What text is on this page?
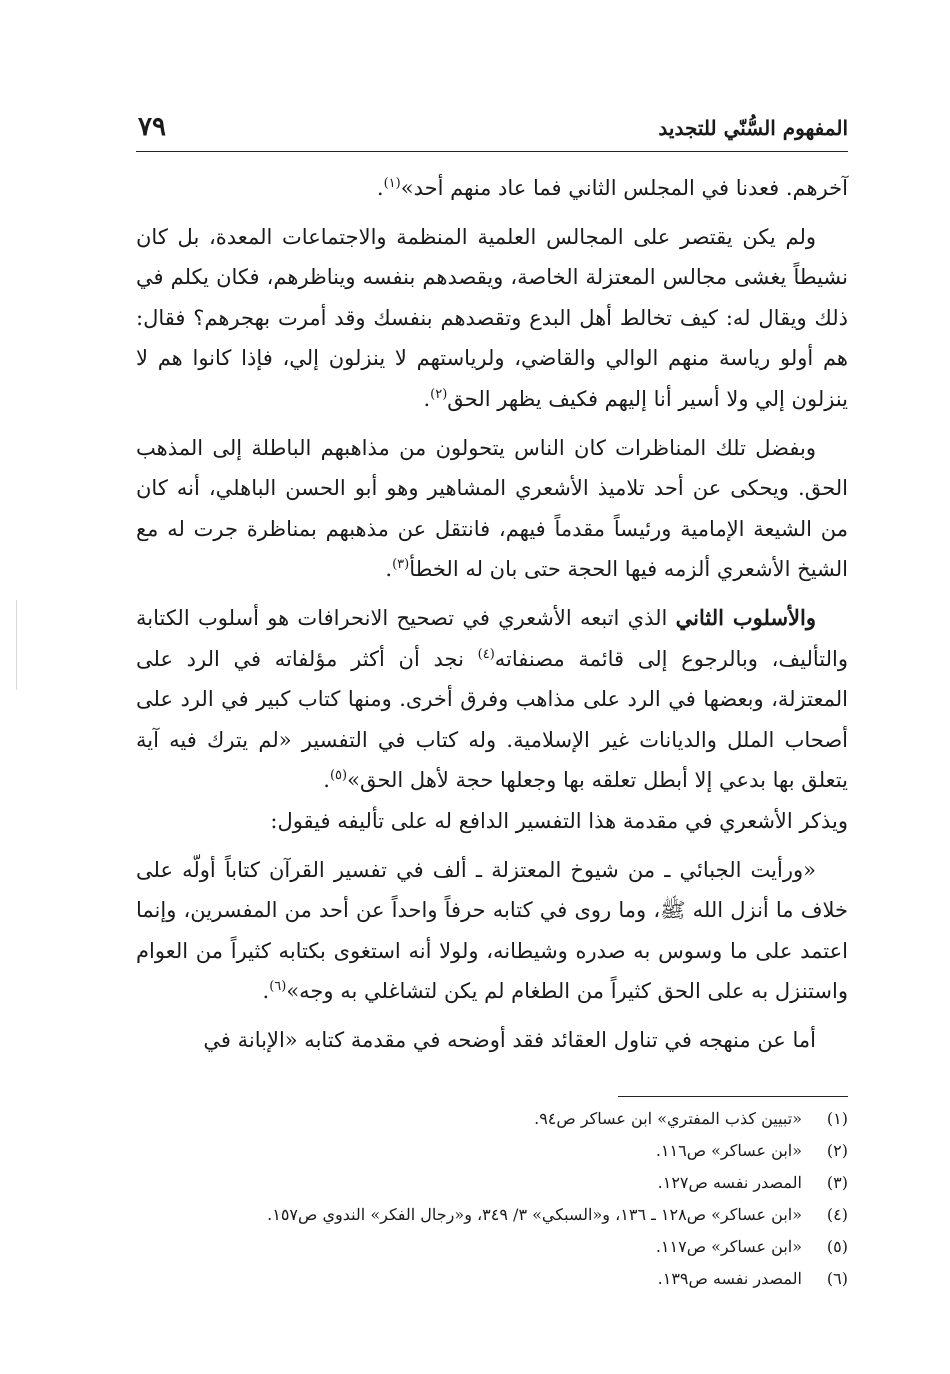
المفهوم السُّنّي للتجديد
٧٩

آخرهم. فعدنا في المجلس الثاني فما عاد منهم أحد»$^{(١)}$.

ولم يكن يقتصر على المجالس العلمية المنظمة والاجتماعات المعدة، بل كان نشيطاً يغشى مجالس المعتزلة الخاصة، ويقصدهم بنفسه ويناظرهم، فكان يكلم في ذلك ويقال له: كيف تخالط أهل البدع وتقصدهم بنفسك وقد أمرت بهجرهم؟ فقال: هم أولو رياسة منهم الوالي والقاضي، ولرياستهم لا ينزلون إلي، فإذا كانوا هم لا ينزلون إلي ولا أسير أنا إليهم فكيف يظهر الحق$^{(٢)}$.

وبفضل تلك المناظرات كان الناس يتحولون من مذاهبهم الباطلة إلى المذهب الحق. ويحكى عن أحد تلاميذ الأشعري المشاهير وهو أبو الحسن الباهلي، أنه كان من الشيعة الإمامية ورئيساً مقدماً فيهم، فانتقل عن مذهبهم بمناظرة جرت له مع الشيخ الأشعري ألزمه فيها الحجة حتى بان له الخطأ$^{(٣)}$.

والأسلوب الثاني الذي اتبعه الأشعري في تصحيح الانحرافات هو أسلوب الكتابة والتأليف، وبالرجوع إلى قائمة مصنفاته$^{(٤)}$ نجد أن أكثر مؤلفاته في الرد على المعتزلة، وبعضها في الرد على مذاهب وفرق أخرى. ومنها كتاب كبير في الرد على أصحاب الملل والديانات غير الإسلامية. وله كتاب في التفسير «لم يترك فيه آية يتعلق بها بدعي إلا أبطل تعلقه بها وجعلها حجة لأهل الحق»$^{(٥)}$.

ويذكر الأشعري في مقدمة هذا التفسير الدافع له على تأليفه فيقول:

«ورأيت الجبائي ـ من شيوخ المعتزلة ـ ألف في تفسير القرآن كتاباً أولّه على خلاف ما أنزل الله ﷺ، وما روى في كتابه حرفاً واحداً عن أحد من المفسرين، وإنما اعتمد على ما وسوس به صدره وشيطانه، ولولا أنه استغوى بكتابه كثيراً من العوام واستنزل به على الحق كثيراً من الطغام لم يكن لتشاغلي به وجه»$^{(٦)}$.

أما عن منهجه في تناول العقائد فقد أوضحه في مقدمة كتابه «الإبانة في

(١)
«تبيين كذب المفتري» ابن عساكر ص٩٤.
(٢)
«ابن عساكر» ص١١٦.
(٣)
المصدر نفسه ص١٢٧.
(٤)
«ابن عساكر» ص١٢٨ ـ ١٣٦، و«السبكي» ٣/ ٣٤٩، و«رجال الفكر» الندوي ص١٥٧.
(٥)
«ابن عساكر» ص١١٧.
(٦)
المصدر نفسه ص١٣٩.
